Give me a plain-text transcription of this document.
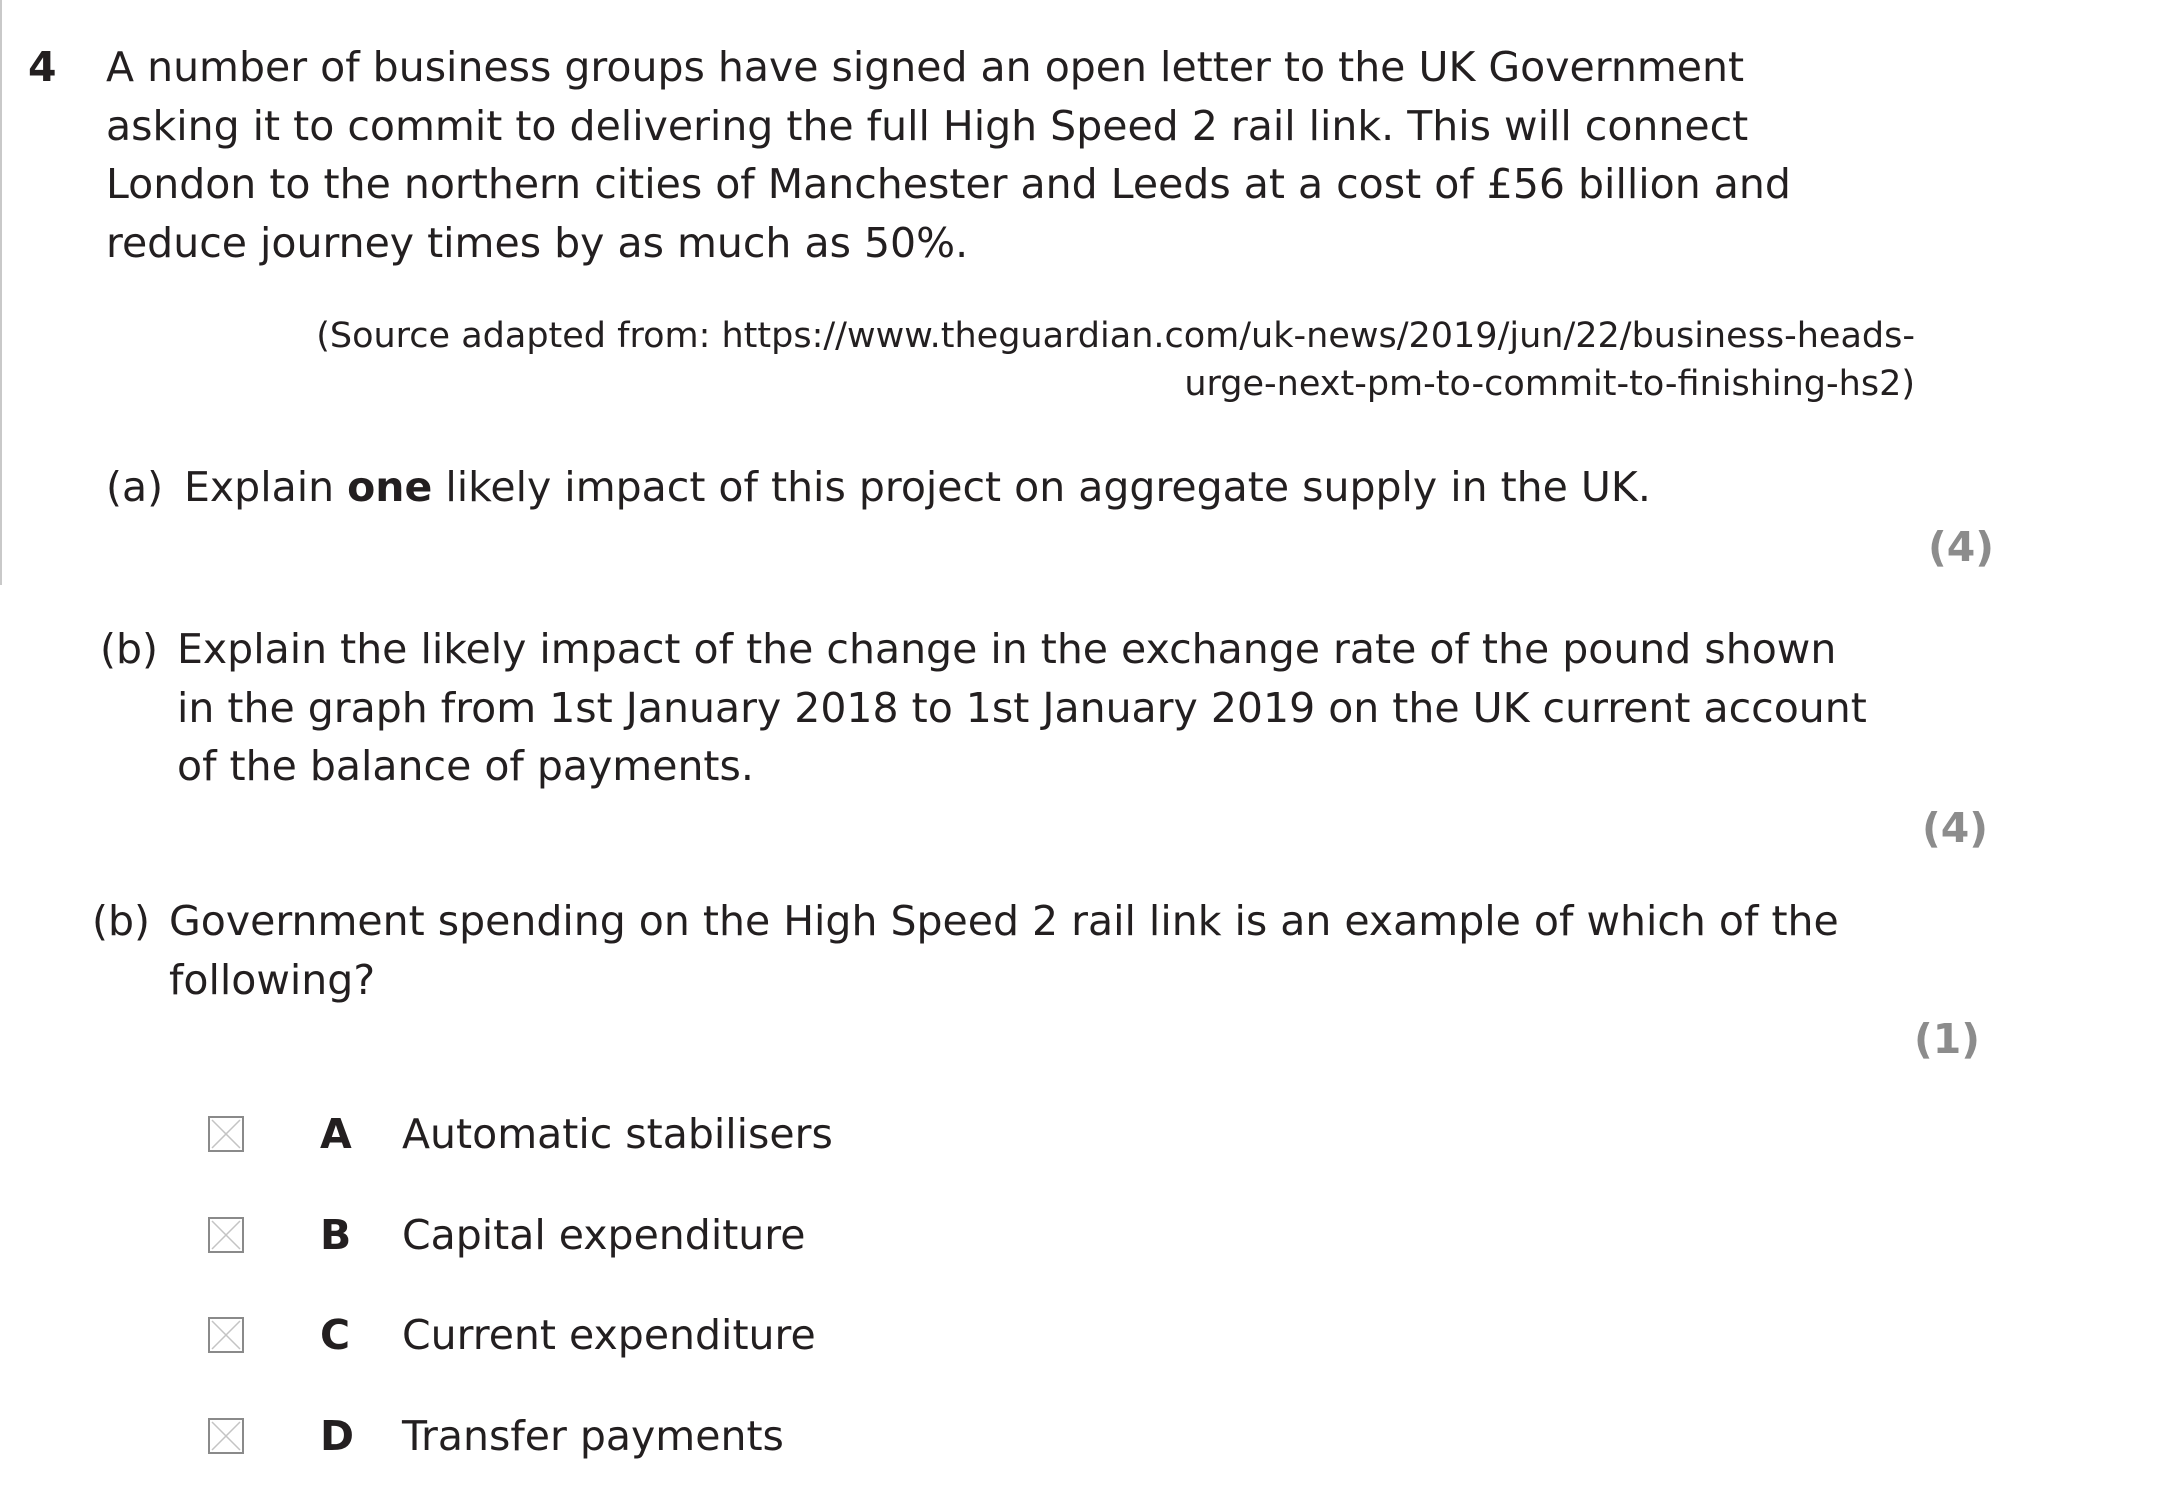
4 A number of business groups have signed an open letter to the UK Government
asking it to commit to delivering the full High Speed 2 rail link. This will connect
London to the northern cities of Manchester and Leeds at a cost of £56 billion and
reduce journey times by as much as 50%.
(Source adapted from: https://www.theguardian.com/uk-news/2019/jun/22/business-heads-
urge-next-pm-to-commit-to-finishing-hs2)
(a) Explain one likely impact of this project on aggregate supply in the UK.
(4)
(b) Explain the likely impact of the change in the exchange rate of the pound shown
in the graph from 1st January 2018 to 1st January 2019 on the UK current account
of the balance of payments.
(4)
(b) Government spending on the High Speed 2 rail link is an example of which of the
following?
(1)
A Automatic stabilisers
B Capital expenditure
C Current expenditure
D Transfer payments
